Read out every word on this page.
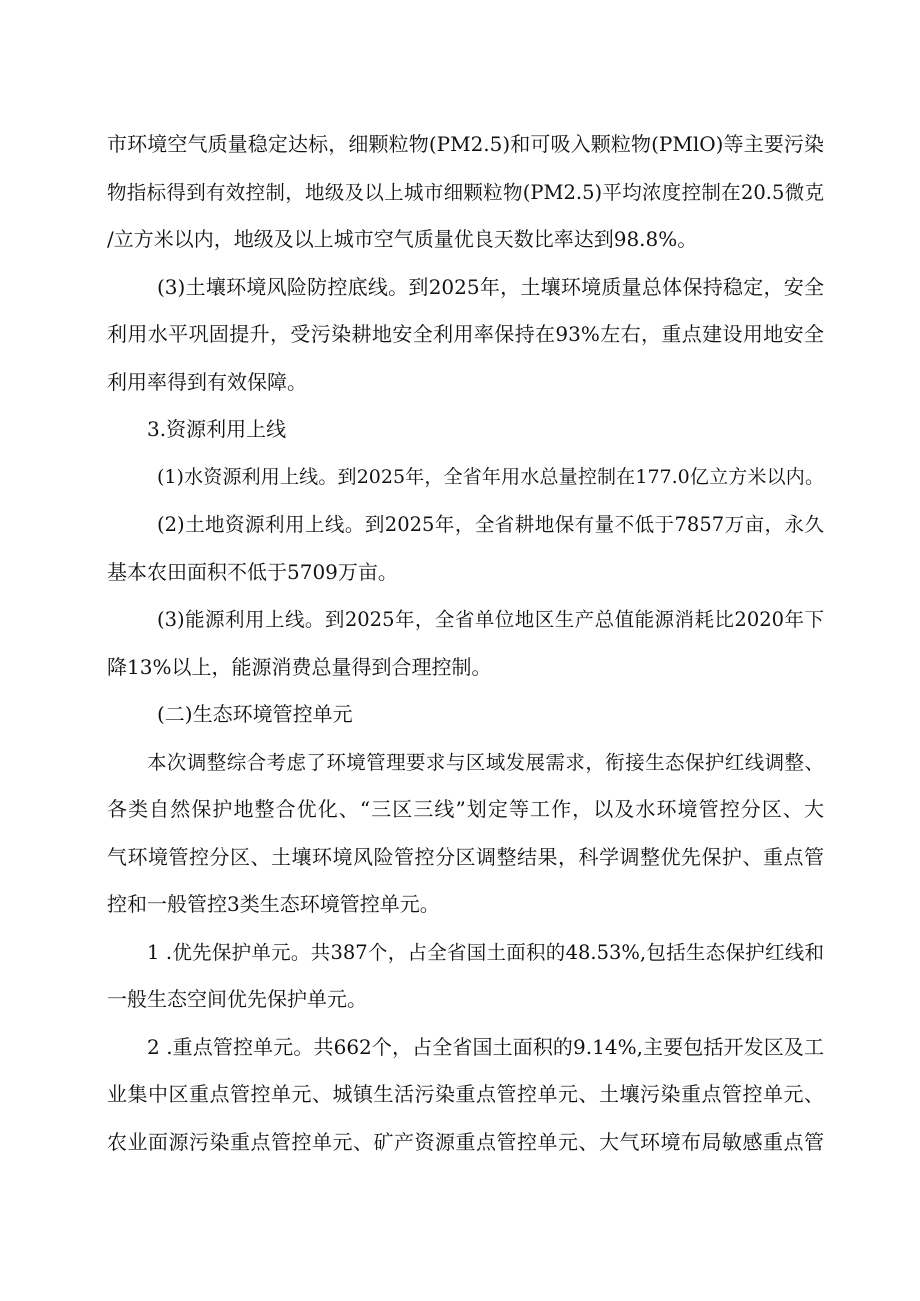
市环境空气质量稳定达标，细颗粒物(PM2.5)和可吸入颗粒物(PMlO)等主要污染
物指标得到有效控制，地级及以上城市细颗粒物(PM2.5)平均浓度控制在20.5微克
/立方米以内，地级及以上城市空气质量优良天数比率达到98.8%。
(3)土壤环境风险防控底线。到2025年，土壤环境质量总体保持稳定，安全
利用水平巩固提升，受污染耕地安全利用率保持在93%左右，重点建设用地安全
利用率得到有效保障。
3.资源利用上线
(1)水资源利用上线。到2025年，全省年用水总量控制在177.0亿立方米以内。
(2)土地资源利用上线。到2025年，全省耕地保有量不低于7857万亩，永久
基本农田面积不低于5709万亩。
(3)能源利用上线。到2025年，全省单位地区生产总值能源消耗比2020年下
降13%以上，能源消费总量得到合理控制。
(二)生态环境管控单元
本次调整综合考虑了环境管理要求与区域发展需求，衔接生态保护红线调整、
各类自然保护地整合优化、“三区三线”划定等工作，以及水环境管控分区、大
气环境管控分区、土壤环境风险管控分区调整结果，科学调整优先保护、重点管
控和一般管控3类生态环境管控单元。
1 .优先保护单元。共387个，占全省国土面积的48.53%,包括生态保护红线和
一般生态空间优先保护单元。
2 .重点管控单元。共662个，占全省国土面积的9.14%,主要包括开发区及工
业集中区重点管控单元、城镇生活污染重点管控单元、土壤污染重点管控单元、
农业面源污染重点管控单元、矿产资源重点管控单元、大气环境布局敏感重点管
